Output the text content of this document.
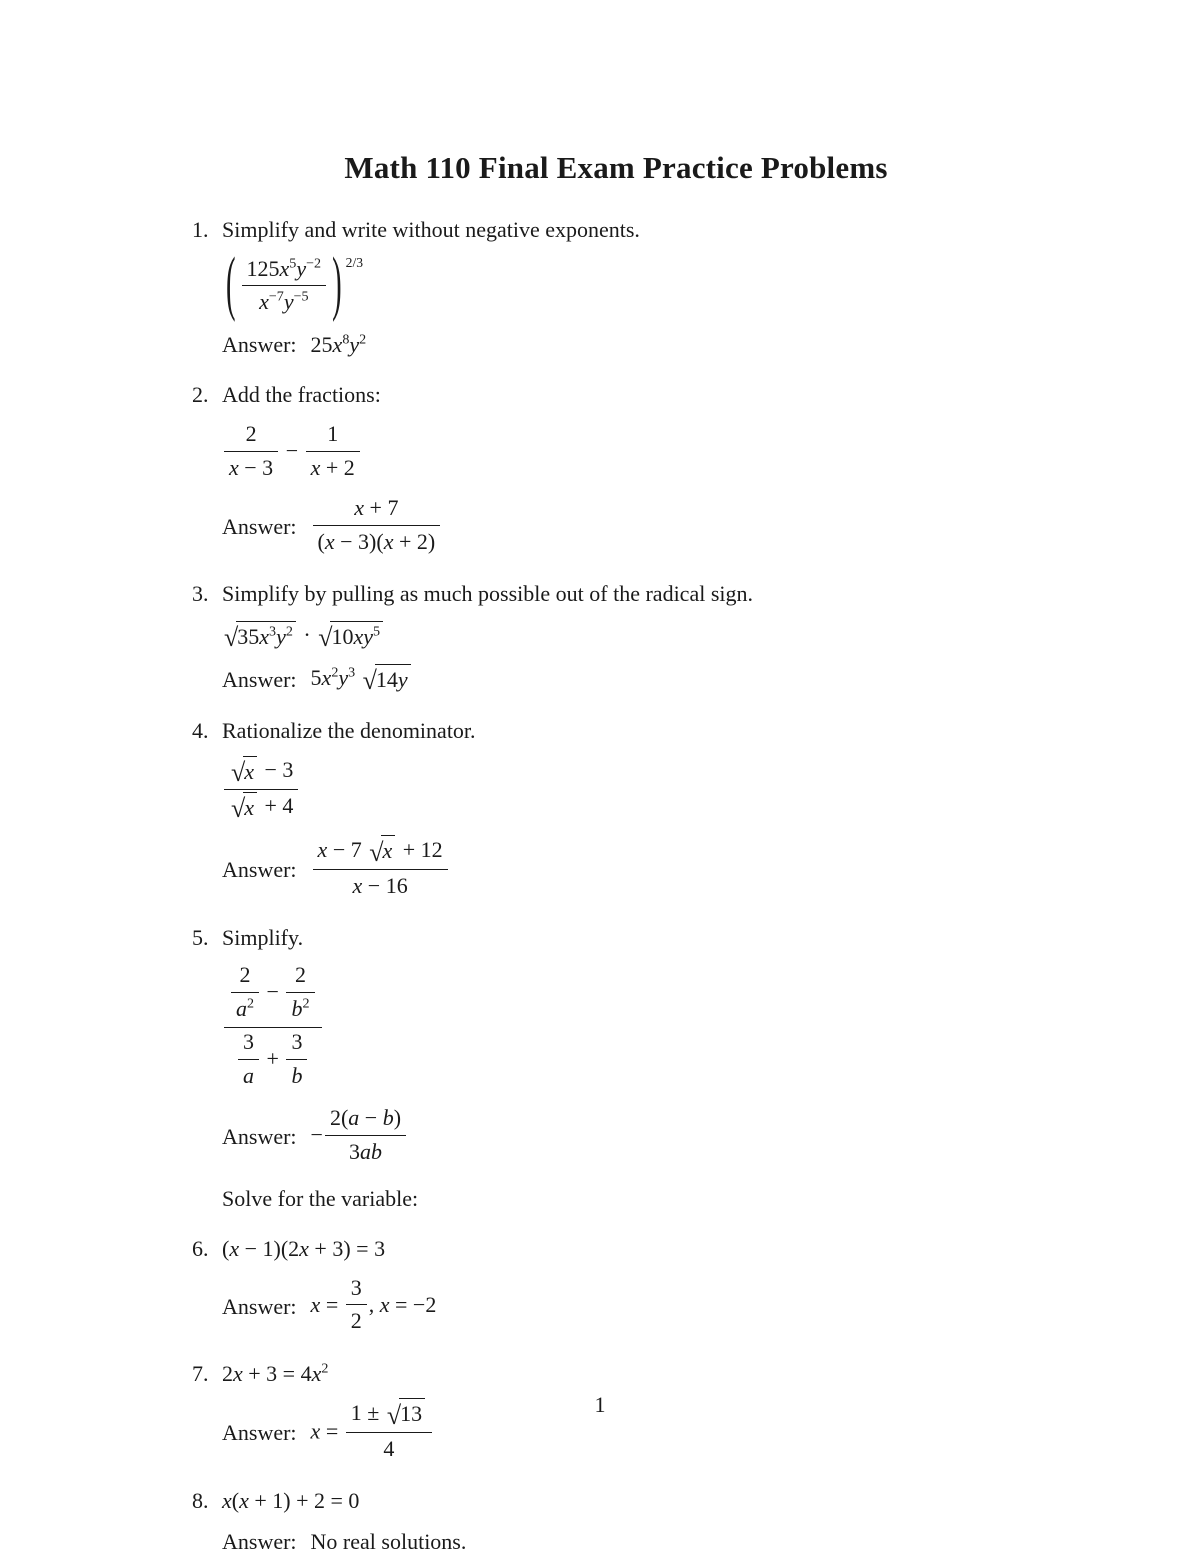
Math 110 Final Exam Practice Problems
1. Simplify and write without negative exponents.
( $\frac{125x^5y^{-2}}{x^{-7}y^{-5}}$ ) 2/3
Answer: $25x^8y^2$
2. Add the fractions:
$\frac{2}{x - 3} - \frac{1}{x + 2}$
Answer: $\frac{x + 7}{(x - 3)(x + 2)}$
3. Simplify by pulling as much possible out of the radical sign.
√ $35x^3y^2$ · √ $10xy^5$
Answer: $5x^2y^3$ √ 14y
4. Rationalize the denominator.
$\frac{√ x - 3}{√ x + 4}$
Answer: $\frac{x - 7 √ x + 12}{x - 16}$
5. Simplify.
$\frac{\frac{2}{a^2} - \frac{2}{b^2}}{\frac{3}{a} + \frac{3}{b}}$
Answer: − $\frac{2(a - b)}{3ab}$
Solve for the variable:
6. (x − 1)(2x + 3) = 3
Answer: $x = \frac{3}{2}$ , x = −2
7. $2x + 3 = 4x^2$
Answer: $x = \frac{1 \pm √ 13}{4}$
8. x(x + 1) + 2 = 0
Answer: No real solutions.
1
